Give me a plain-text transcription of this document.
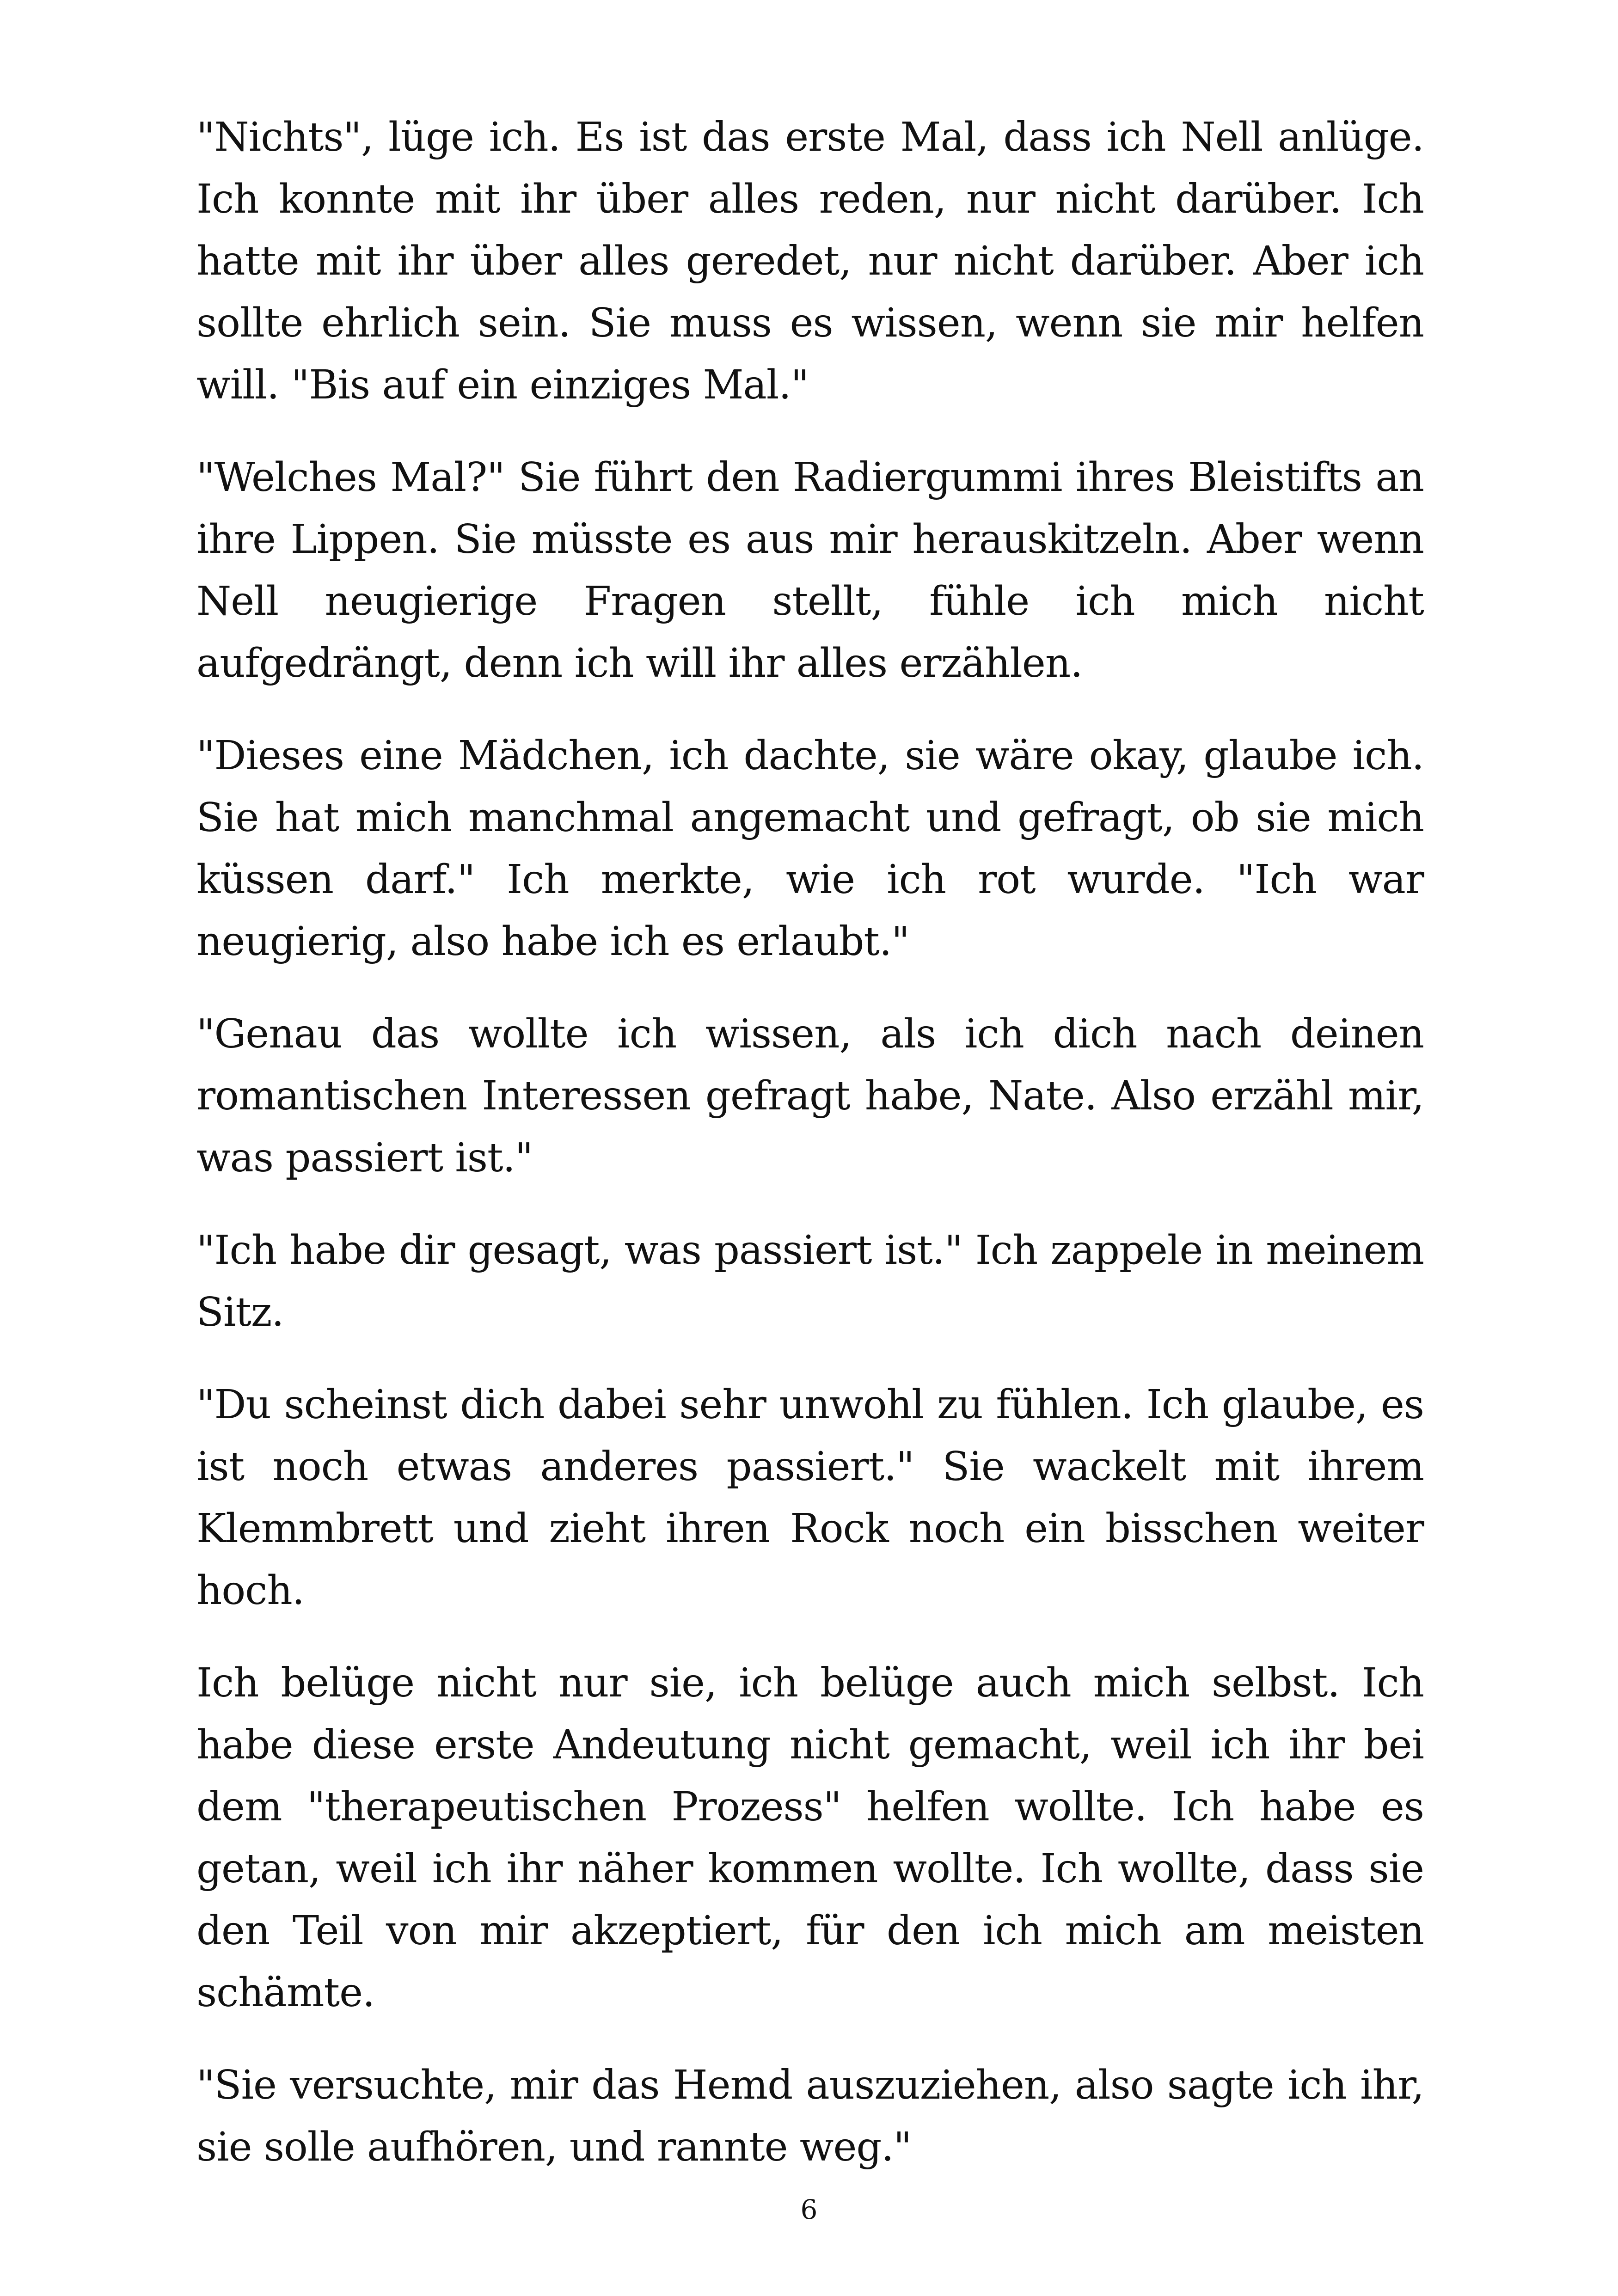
"Nichts", lüge ich. Es ist das erste Mal, dass ich Nell anlüge. Ich konnte mit ihr über alles reden, nur nicht darüber. Ich hatte mit ihr über alles geredet, nur nicht darüber. Aber ich sollte ehrlich sein. Sie muss es wissen, wenn sie mir helfen will. "Bis auf ein einziges Mal."

"Welches Mal?" Sie führt den Radiergummi ihres Bleistifts an ihre Lippen. Sie müsste es aus mir herauskitzeln. Aber wenn Nell neugierige Fragen stellt, fühle ich mich nicht aufgedrängt, denn ich will ihr alles erzählen.

"Dieses eine Mädchen, ich dachte, sie wäre okay, glaube ich. Sie hat mich manchmal angemacht und gefragt, ob sie mich küssen darf." Ich merkte, wie ich rot wurde. "Ich war neugierig, also habe ich es erlaubt."

"Genau das wollte ich wissen, als ich dich nach deinen romantischen Interessen gefragt habe, Nate. Also erzähl mir, was passiert ist."

"Ich habe dir gesagt, was passiert ist." Ich zappele in meinem Sitz.

"Du scheinst dich dabei sehr unwohl zu fühlen. Ich glaube, es ist noch etwas anderes passiert." Sie wackelt mit ihrem Klemmbrett und zieht ihren Rock noch ein bisschen weiter hoch.

Ich belüge nicht nur sie, ich belüge auch mich selbst. Ich habe diese erste Andeutung nicht gemacht, weil ich ihr bei dem "therapeutischen Prozess" helfen wollte. Ich habe es getan, weil ich ihr näher kommen wollte. Ich wollte, dass sie den Teil von mir akzeptiert, für den ich mich am meisten schämte.

"Sie versuchte, mir das Hemd auszuziehen, also sagte ich ihr, sie solle aufhören, und rannte weg."

6
